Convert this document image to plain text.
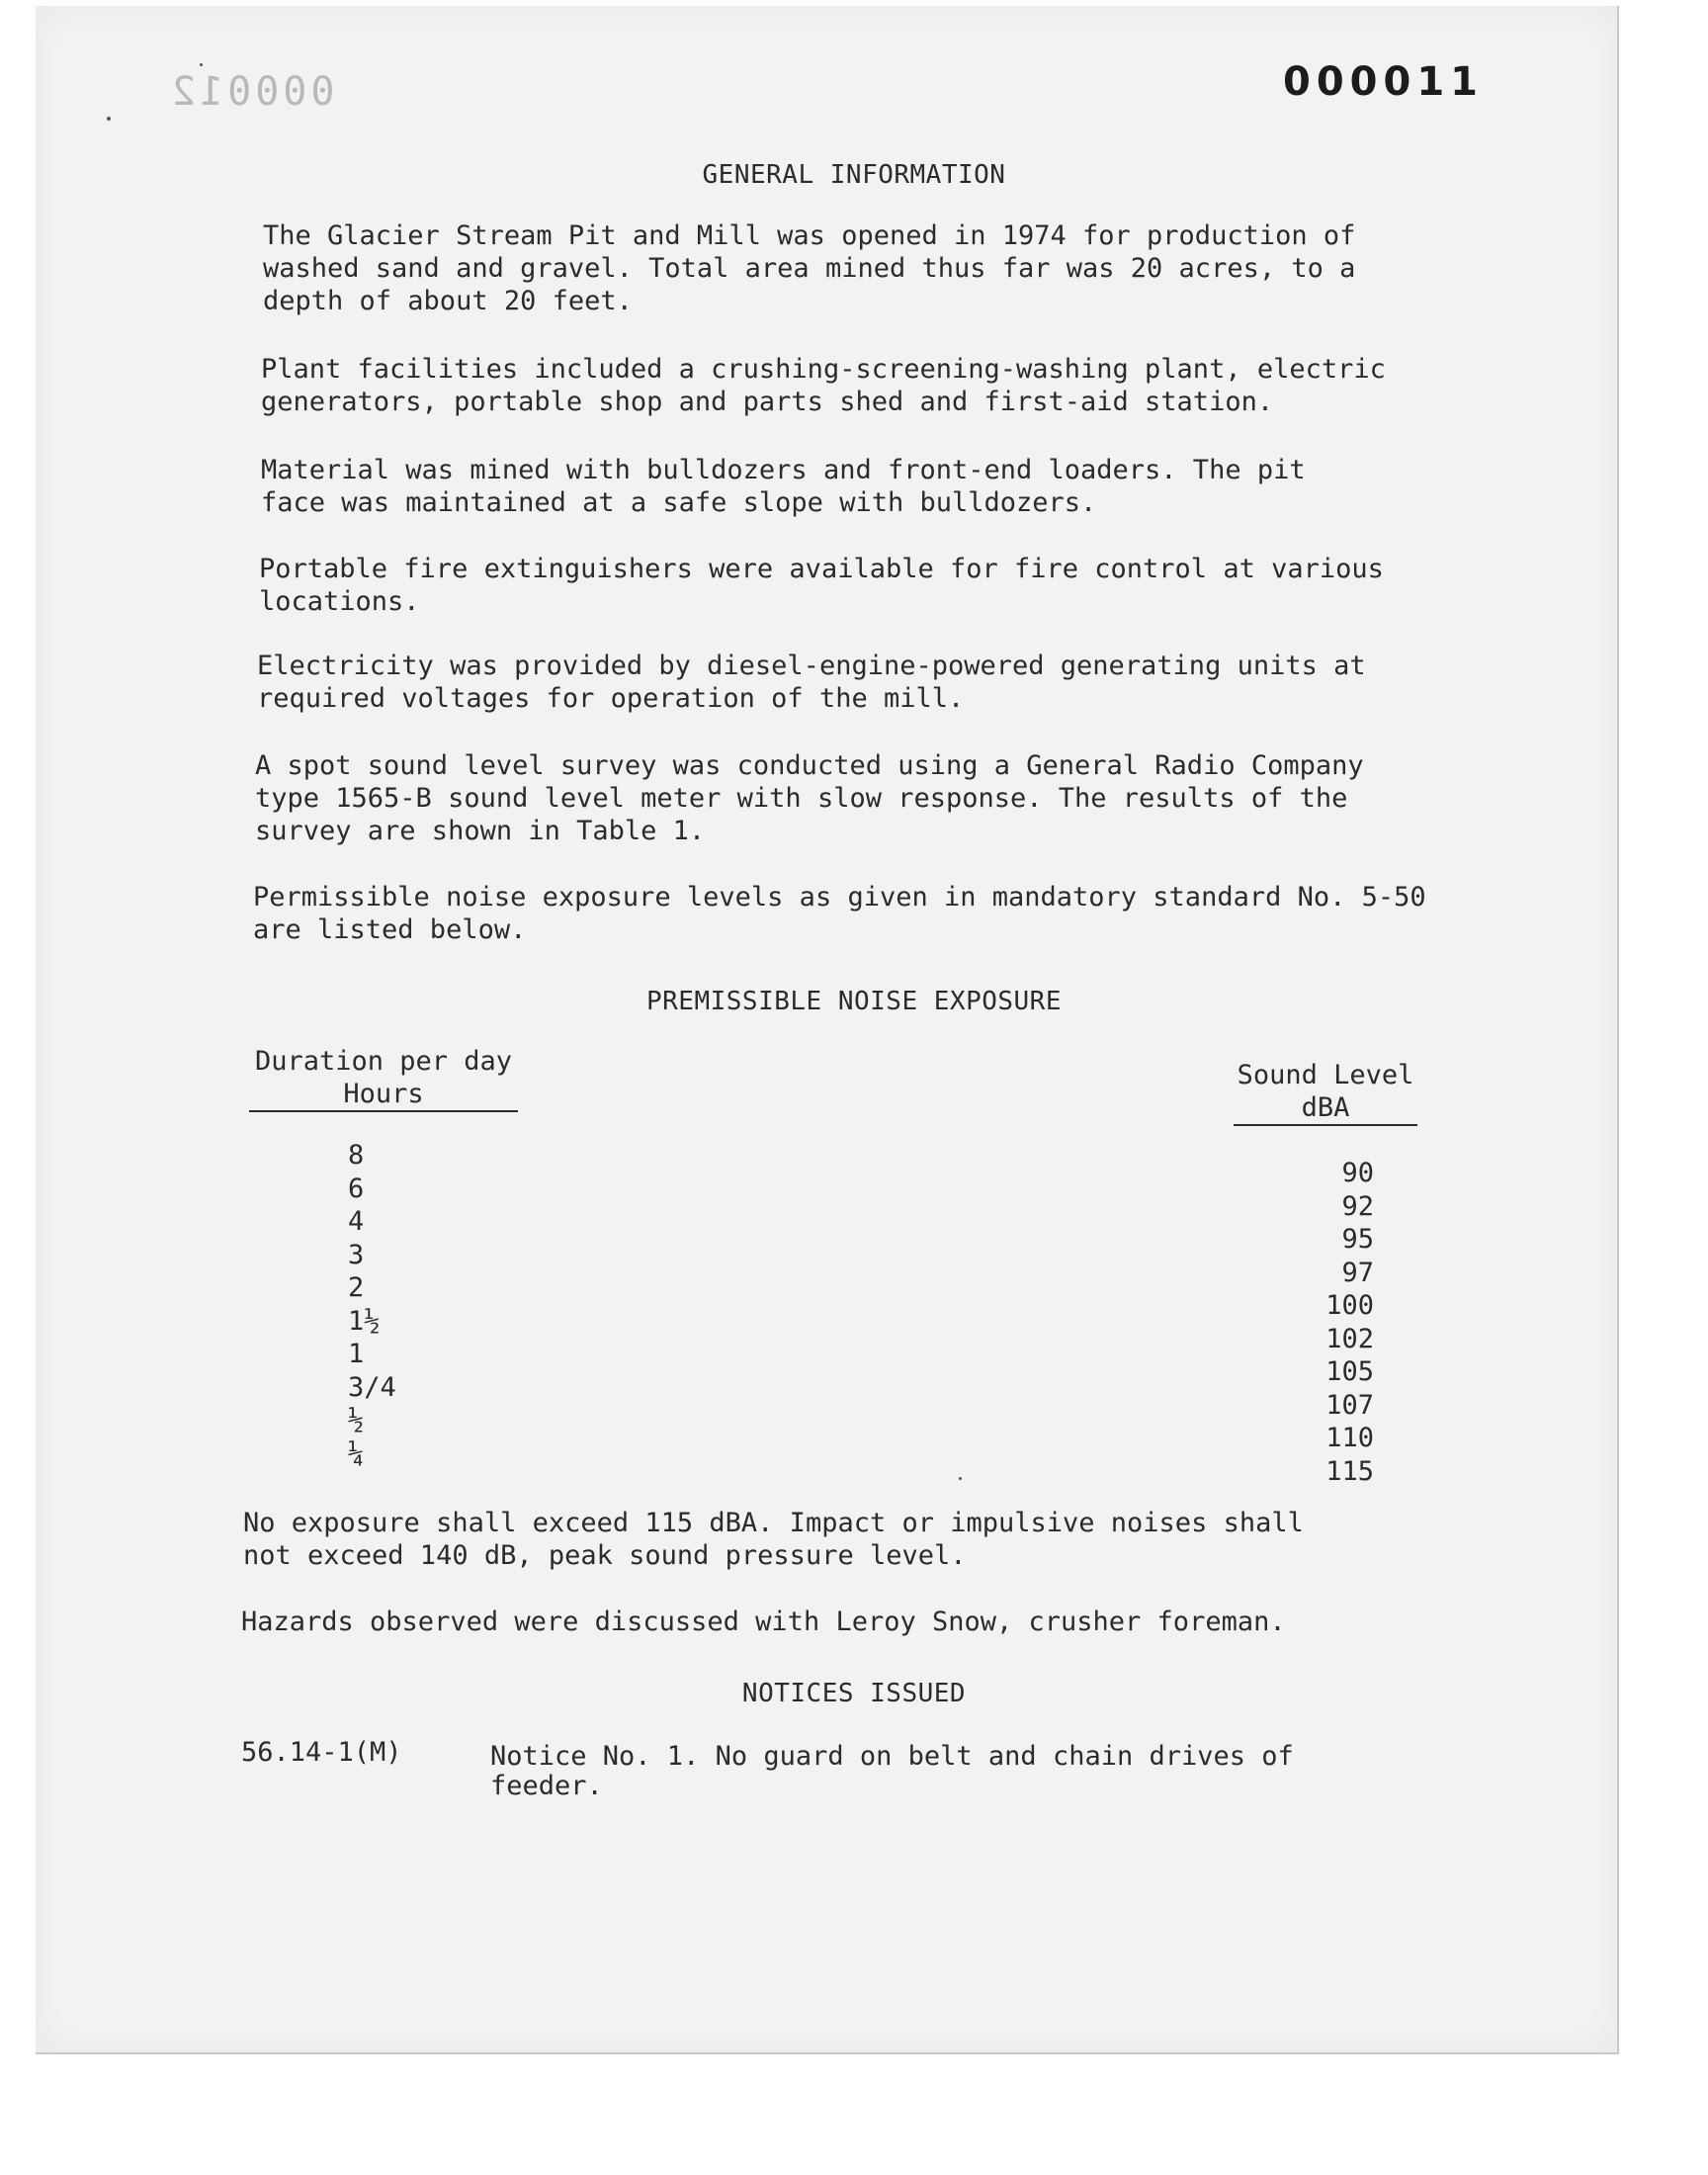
000012	000011
GENERAL INFORMATION
The Glacier Stream Pit and Mill was opened in 1974 for production of
washed sand and gravel. Total area mined thus far was 20 acres, to a
depth of about 20 feet.
Plant facilities included a crushing-screening-washing plant, electric
generators, portable shop and parts shed and first-aid station.
Material was mined with bulldozers and front-end loaders. The pit
face was maintained at a safe slope with bulldozers.
Portable fire extinguishers were available for fire control at various
locations.
Electricity was provided by diesel-engine-powered generating units at
required voltages for operation of the mill.
A spot sound level survey was conducted using a General Radio Company
type 1565-B sound level meter with slow response. The results of the
survey are shown in Table 1.
Permissible noise exposure levels as given in mandatory standard No. 5-50
are listed below.
PREMISSIBLE NOISE EXPOSURE
Duration per day
Hours
Sound Level
dBA
8
6
4
3
2
1½
1
3/4
½
¼
90
92
95
97
100
102
105
107
110
115
No exposure shall exceed 115 dBA. Impact or impulsive noises shall
not exceed 140 dB, peak sound pressure level.
Hazards observed were discussed with Leroy Snow, crusher foreman.
NOTICES ISSUED
56.14-1(M)	Notice No. 1. No guard on belt and chain drives of
feeder.
